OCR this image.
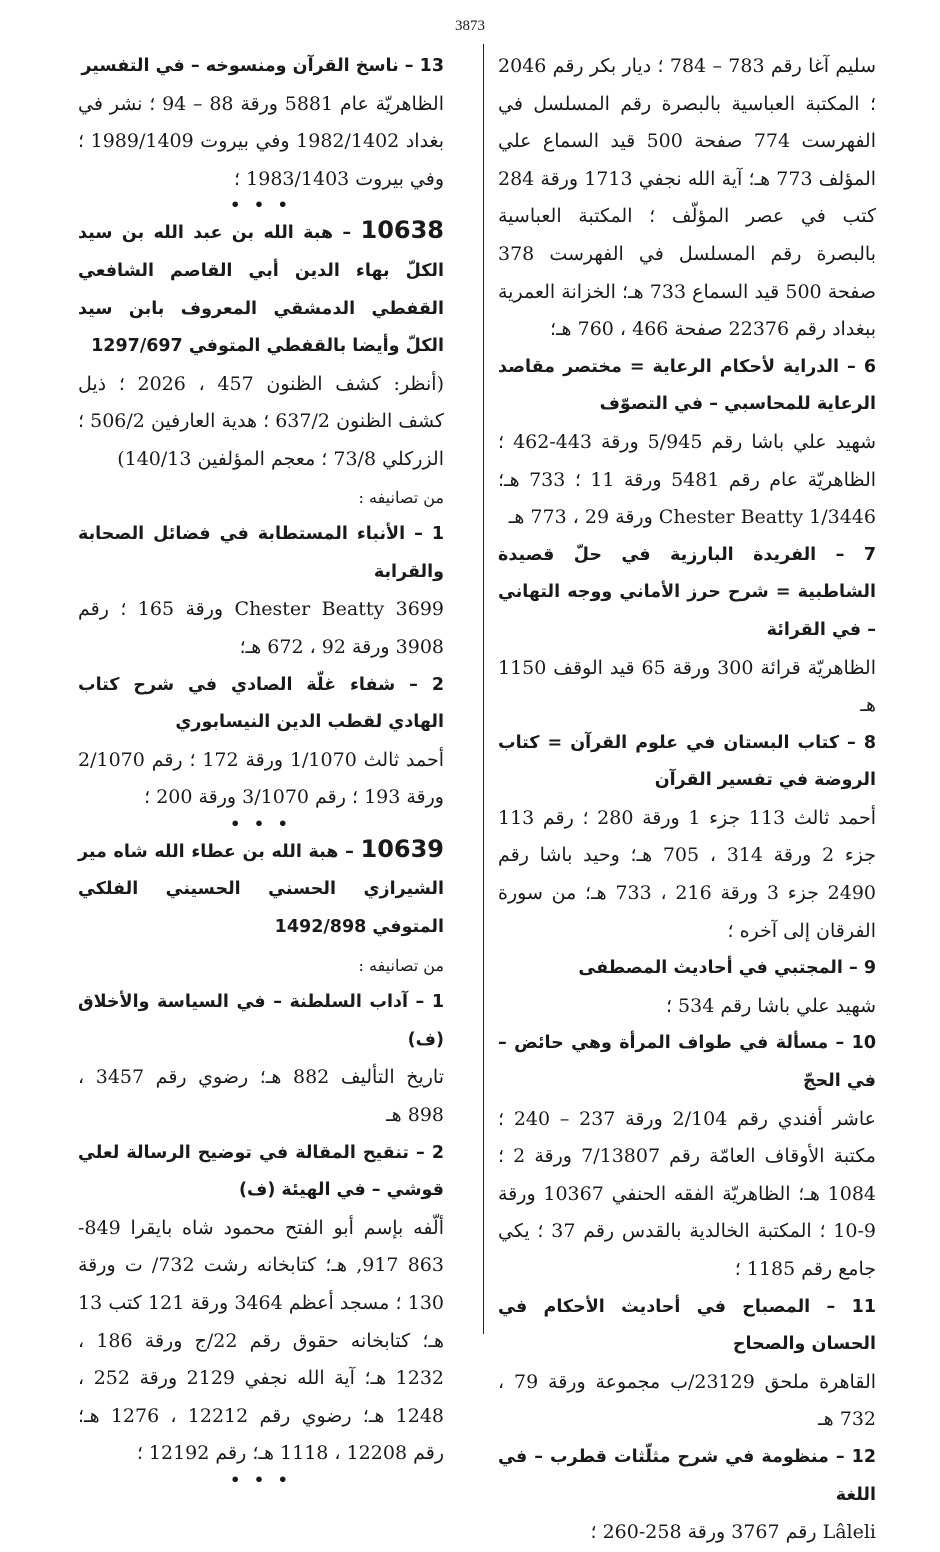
3873

سليم آغا رقم 783 – 784 ؛ ديار بكر رقم 2046 ؛ المكتبة العباسية بالبصرة رقم المسلسل في الفهرست 774 صفحة 500 قيد السماع علي المؤلف 773 هـ؛ آية الله نجفي 1713 ورقة 284 كتب في عصر المؤلّف ؛ المكتبة العباسية بالبصرة رقم المسلسل في الفهرست 378 صفحة 500 قيد السماع 733 هـ؛ الخزانة العمرية ببغداد رقم 22376 صفحة 466 ، 760 هـ؛

6 – الدراية لأحكام الرعاية = مختصر مقاصد الرعاية للمحاسبي – في التصوّف

شهيد علي باشا رقم 5/945 ورقة 443-462 ؛ الظاهريّة عام رقم 5481 ورقة 11 ؛ 733 هـ؛ Chester Beatty 1/3446 ورقة 29 ، 773 هـ

7 – الفريدة البارزية في حلّ قصيدة الشاطبية = شرح حرز الأماني ووجه التهاني – في القرائة

الظاهريّة قرائة 300 ورقة 65 قيد الوقف 1150 هـ

8 – كتاب البستان في علوم القرآن = كتاب الروضة في تفسير القرآن

أحمد ثالث 113 جزء 1 ورقة 280 ؛ رقم 113 جزء 2 ورقة 314 ، 705 هـ؛ وحيد باشا رقم 2490 جزء 3 ورقة 216 ، 733 هـ؛ من سورة الفرقان إلى آخره ؛

9 – المجتبي في أحاديث المصطفى

شهيد علي باشا رقم 534 ؛

10 – مسألة في طواف المرأة وهي حائض – في الحجّ

عاشر أفندي رقم 2/104 ورقة 237 – 240 ؛ مكتبة الأوقاف العامّة رقم 7/13807 ورقة 2 ؛ 1084 هـ؛ الظاهريّة الفقه الحنفي 10367 ورقة 9-10 ؛ المكتبة الخالدية بالقدس رقم 37 ؛ يكي جامع رقم 1185 ؛

11 – المصباح في أحاديث الأحكام في الحسان والصحاح

القاهرة ملحق 23129/ب مجموعة ورقة 79 ، 732 هـ

12 – منظومة في شرح مثلّثات قطرب – في اللغة

Lâleli رقم 3767 ورقة 258-260 ؛

13 – ناسخ القرآن ومنسوخه – في التفسير

الظاهريّة عام 5881 ورقة 88 – 94 ؛ نشر في بغداد 1982/1402 وفي بيروت 1989/1409 ؛ وفي بيروت 1983/1403 ؛

• • •

10638 – هبة الله بن عبد الله بن سيد الكلّ بهاء الدين أبي القاصم الشافعي القفطي الدمشقي المعروف بابن سيد الكلّ وأيضا بالقفطي المتوفي 1297/697

(أنظر: كشف الظنون 457 ، 2026 ؛ ذيل كشف الظنون 637/2 ؛ هدية العارفين 506/2 ؛ الزركلي 73/8 ؛ معجم المؤلفين 140/13)

من تصانيفه :

1 – الأنباء المستطابة في فضائل الصحابة والقرابة

Chester Beatty 3699 ورقة 165 ؛ رقم 3908 ورقة 92 ، 672 هـ؛

2 – شفاء غلّة الصادي في شرح كتاب الهادي لقطب الدين النيسابوري

أحمد ثالث 1/1070 ورقة 172 ؛ رقم 2/1070 ورقة 193 ؛ رقم 3/1070 ورقة 200 ؛

• • •

10639 – هبة الله بن عطاء الله شاه مير الشيرازي الحسني الحسيني الفلكي المتوفي 1492/898

من تصانيفه :

1 – آداب السلطنة – في السياسة والأخلاق (ف)

تاريخ التأليف 882 هـ؛ رضوي رقم 3457 ، 898 هـ

2 – تنقيح المقالة في توضيح الرسالة لعلي قوشي – في الهيئة (ف)

ألّفه بإسم أبو الفتح محمود شاه بايقرا 849-863 917, هـ؛ كتابخانه رشت 732/ ت ورقة 130 ؛ مسجد أعظم 3464 ورقة 121 كتب 13 هـ؛ كتابخانه حقوق رقم 22/ج ورقة 186 ، 1232 هـ؛ آية الله نجفي 2129 ورقة 252 ، 1248 هـ؛ رضوي رقم 12212 ، 1276 هـ؛ رقم 12208 ، 1118 هـ؛ رقم 12192 ؛

• • •
